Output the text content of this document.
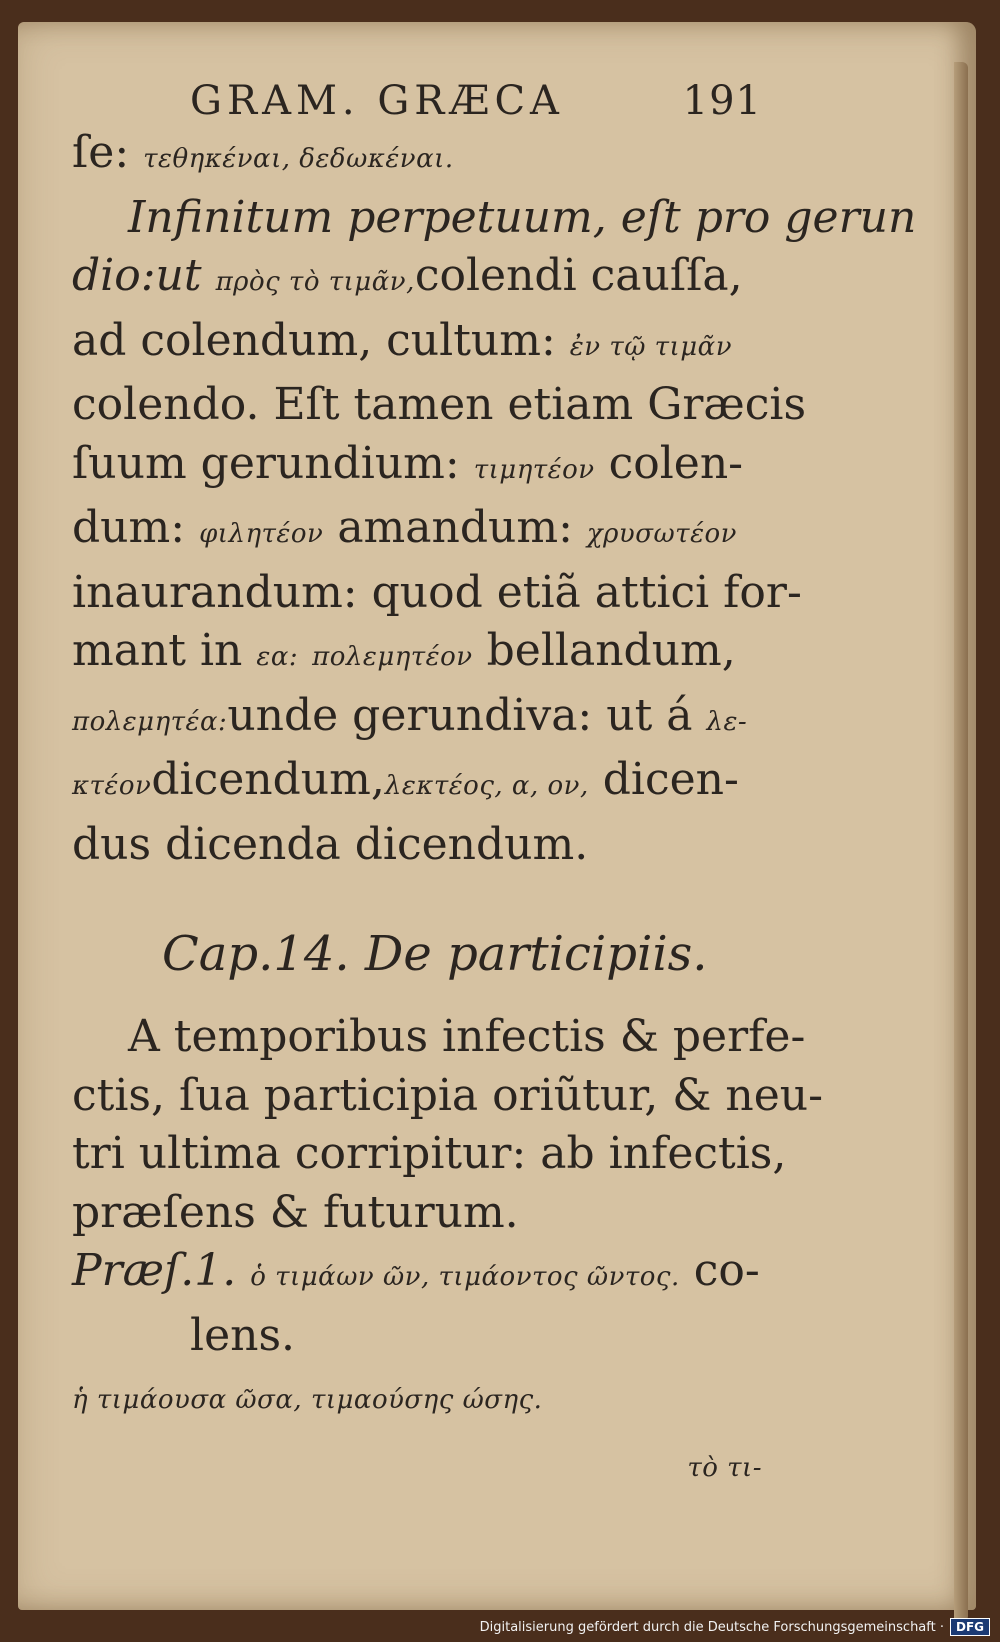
GRAM. GRÆCA	191

ſe: τεθηκέναι, δεδωκέναι.

Infinitum perpetuum, eſt pro gerun

dio:ut πρὸς τὸ τιμᾶν,colendi cauſſa,

ad colendum, cultum: ἐν τῷ τιμᾶν

colendo. Eſt tamen etiam Græcis

ſuum gerundium: τιμητέον colen-

dum: φιλητέον amandum: χρυσωτέον

inaurandum: quod etiã attici for-

mant in εα: πολεμητέον bellandum,

πολεμητέα:unde gerundiva: ut á λε-

κτέονdicendum,λεκτέος, α, ον, dicen-

dus dicenda dicendum.

Cap.14. De participiis.

A temporibus infectis & perfe-

ctis, ſua participia oriũtur, & neu-

tri ultima corripitur: ab infectis,

præſens & futurum.

Præſ.1. ὁ τιμάων ῶν, τιμάοντος ῶντος. co-

lens.

ἡ τιμάουσα ῶσα, τιμαούσης ώσης.

τὸ τι-
Digitalisierung gefördert durch die Deutsche Forschungsgemeinschaft ·	DFG
